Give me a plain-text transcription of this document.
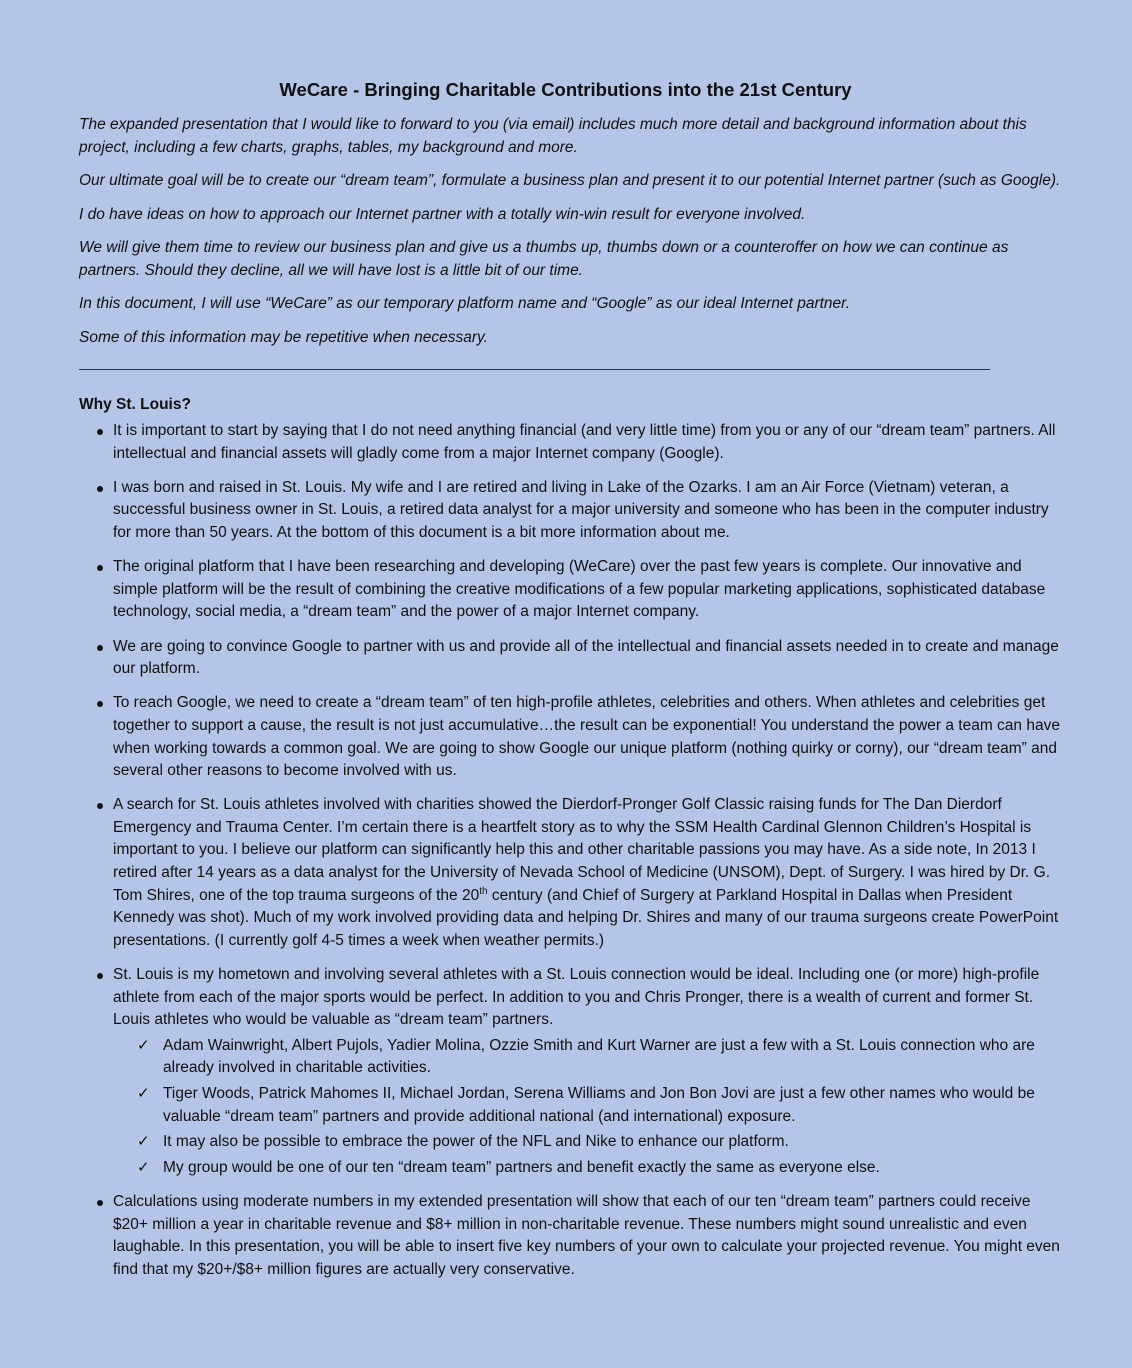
WeCare - Bringing Charitable Contributions into the 21st Century

The expanded presentation that I would like to forward to you (via email) includes much more detail and background information about this project, including a few charts, graphs, tables, my background and more.

Our ultimate goal will be to create our “dream team”, formulate a business plan and present it to our potential Internet partner (such as Google).

I do have ideas on how to approach our Internet partner with a totally win-win result for everyone involved.

We will give them time to review our business plan and give us a thumbs up, thumbs down or a counteroffer on how we can continue as partners. Should they decline, all we will have lost is a little bit of our time.

In this document, I will use “WeCare” as our temporary platform name and “Google” as our ideal Internet partner.

Some of this information may be repetitive when necessary.

Why St. Louis?
It is important to start by saying that I do not need anything financial (and very little time) from you or any of our “dream team” partners. All intellectual and financial assets will gladly come from a major Internet company (Google).
I was born and raised in St. Louis. My wife and I are retired and living in Lake of the Ozarks. I am an Air Force (Vietnam) veteran, a successful business owner in St. Louis, a retired data analyst for a major university and someone who has been in the computer industry for more than 50 years. At the bottom of this document is a bit more information about me.
The original platform that I have been researching and developing (WeCare) over the past few years is complete. Our innovative and simple platform will be the result of combining the creative modifications of a few popular marketing applications, sophisticated database technology, social media, a “dream team” and the power of a major Internet company.
We are going to convince Google to partner with us and provide all of the intellectual and financial assets needed in to create and manage our platform.
To reach Google, we need to create a “dream team” of ten high-profile athletes, celebrities and others. When athletes and celebrities get together to support a cause, the result is not just accumulative…the result can be exponential! You understand the power a team can have when working towards a common goal. We are going to show Google our unique platform (nothing quirky or corny), our “dream team” and several other reasons to become involved with us.
A search for St. Louis athletes involved with charities showed the Dierdorf-Pronger Golf Classic raising funds for The Dan Dierdorf Emergency and Trauma Center. I’m certain there is a heartfelt story as to why the SSM Health Cardinal Glennon Children’s Hospital is important to you. I believe our platform can significantly help this and other charitable passions you may have. As a side note, In 2013 I retired after 14 years as a data analyst for the University of Nevada School of Medicine (UNSOM), Dept. of Surgery. I was hired by Dr. G. Tom Shires, one of the top trauma surgeons of the 20th century (and Chief of Surgery at Parkland Hospital in Dallas when President Kennedy was shot). Much of my work involved providing data and helping Dr. Shires and many of our trauma surgeons create PowerPoint presentations. (I currently golf 4-5 times a week when weather permits.)
St. Louis is my hometown and involving several athletes with a St. Louis connection would be ideal. Including one (or more) high-profile athlete from each of the major sports would be perfect. In addition to you and Chris Pronger, there is a wealth of current and former St. Louis athletes who would be valuable as “dream team” partners.
✓ Adam Wainwright, Albert Pujols, Yadier Molina, Ozzie Smith and Kurt Warner are just a few with a St. Louis connection who are already involved in charitable activities.
✓ Tiger Woods, Patrick Mahomes II, Michael Jordan, Serena Williams and Jon Bon Jovi are just a few other names who would be valuable “dream team” partners and provide additional national (and international) exposure.
✓ It may also be possible to embrace the power of the NFL and Nike to enhance our platform.
✓ My group would be one of our ten “dream team” partners and benefit exactly the same as everyone else.
Calculations using moderate numbers in my extended presentation will show that each of our ten “dream team” partners could receive $20+ million a year in charitable revenue and $8+ million in non-charitable revenue. These numbers might sound unrealistic and even laughable. In this presentation, you will be able to insert five key numbers of your own to calculate your projected revenue. You might even find that my $20+/$8+ million figures are actually very conservative.
